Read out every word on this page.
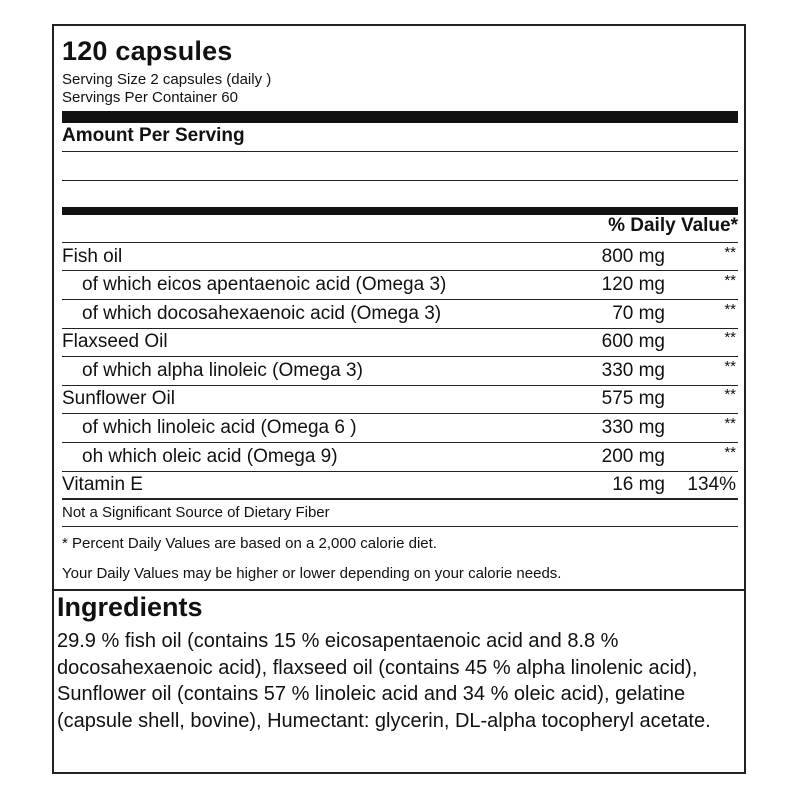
120 capsules
Serving Size 2 capsules (daily )
Servings Per Container 60
Amount Per Serving
% Daily Value*
Fish oil	800 mg	**
of which eicos apentaenoic acid (Omega 3)	120 mg	**
of which docosahexaenoic acid (Omega 3)	70 mg	**
Flaxseed Oil	600 mg	**
of which alpha linoleic (Omega 3)	330 mg	**
Sunflower Oil	575 mg	**
of which linoleic acid (Omega 6 )	330 mg	**
oh which oleic acid (Omega 9)	200 mg	**
Vitamin E	16 mg 134%
Not a Significant Source of Dietary Fiber
* Percent Daily Values are based on a 2,000 calorie diet.
Your Daily Values may be higher or lower depending on your calorie needs.
Ingredients
29.9 % fish oil (contains 15 % eicosapentaenoic acid and 8.8 % docosahexaenoic acid), flaxseed oil (contains 45 % alpha linolenic acid), Sunflower oil (contains 57 % linoleic acid and 34 % oleic acid), gelatine (capsule shell, bovine), Humectant: glycerin, DL-alpha tocopheryl acetate.
